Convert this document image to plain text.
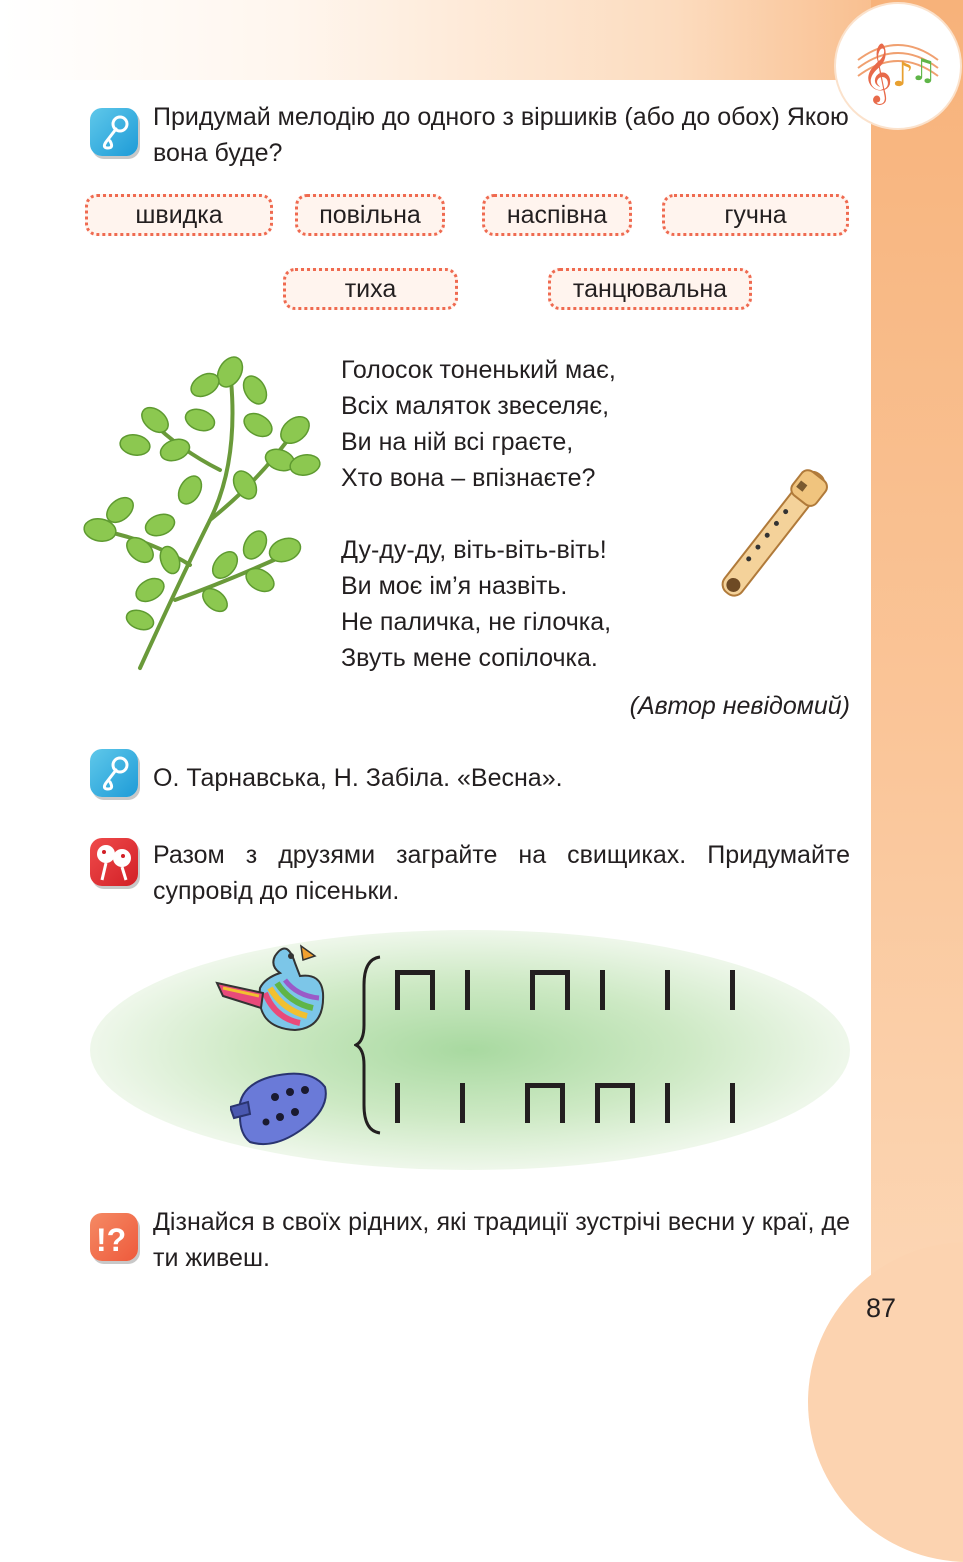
𝄞 ♪
♫
Придумай мелодію до одного з віршиків (або до обох) Якою вона буде?
швидка	повільна	наспівна	гучна
тиха	танцювальна

Голосок тоненький має,

Всіх маляток звеселяє,

Ви на ній всі граєте,

Хто вона – впізнаєте?

Ду-ду-ду, віть-віть-віть!

Ви моє ім’я назвіть.

Не паличка, не гілочка,

Звуть мене сопілочка.

(Автор невідомий)
О. Тарнавська, Н. Забіла. «Весна».
Разом з друзями заграйте на свищиках. Придумайте супровід до пісеньки.
!? Дізнайся в своїх рідних, які традиції зустрічі весни у краї, де ти живеш.
87
